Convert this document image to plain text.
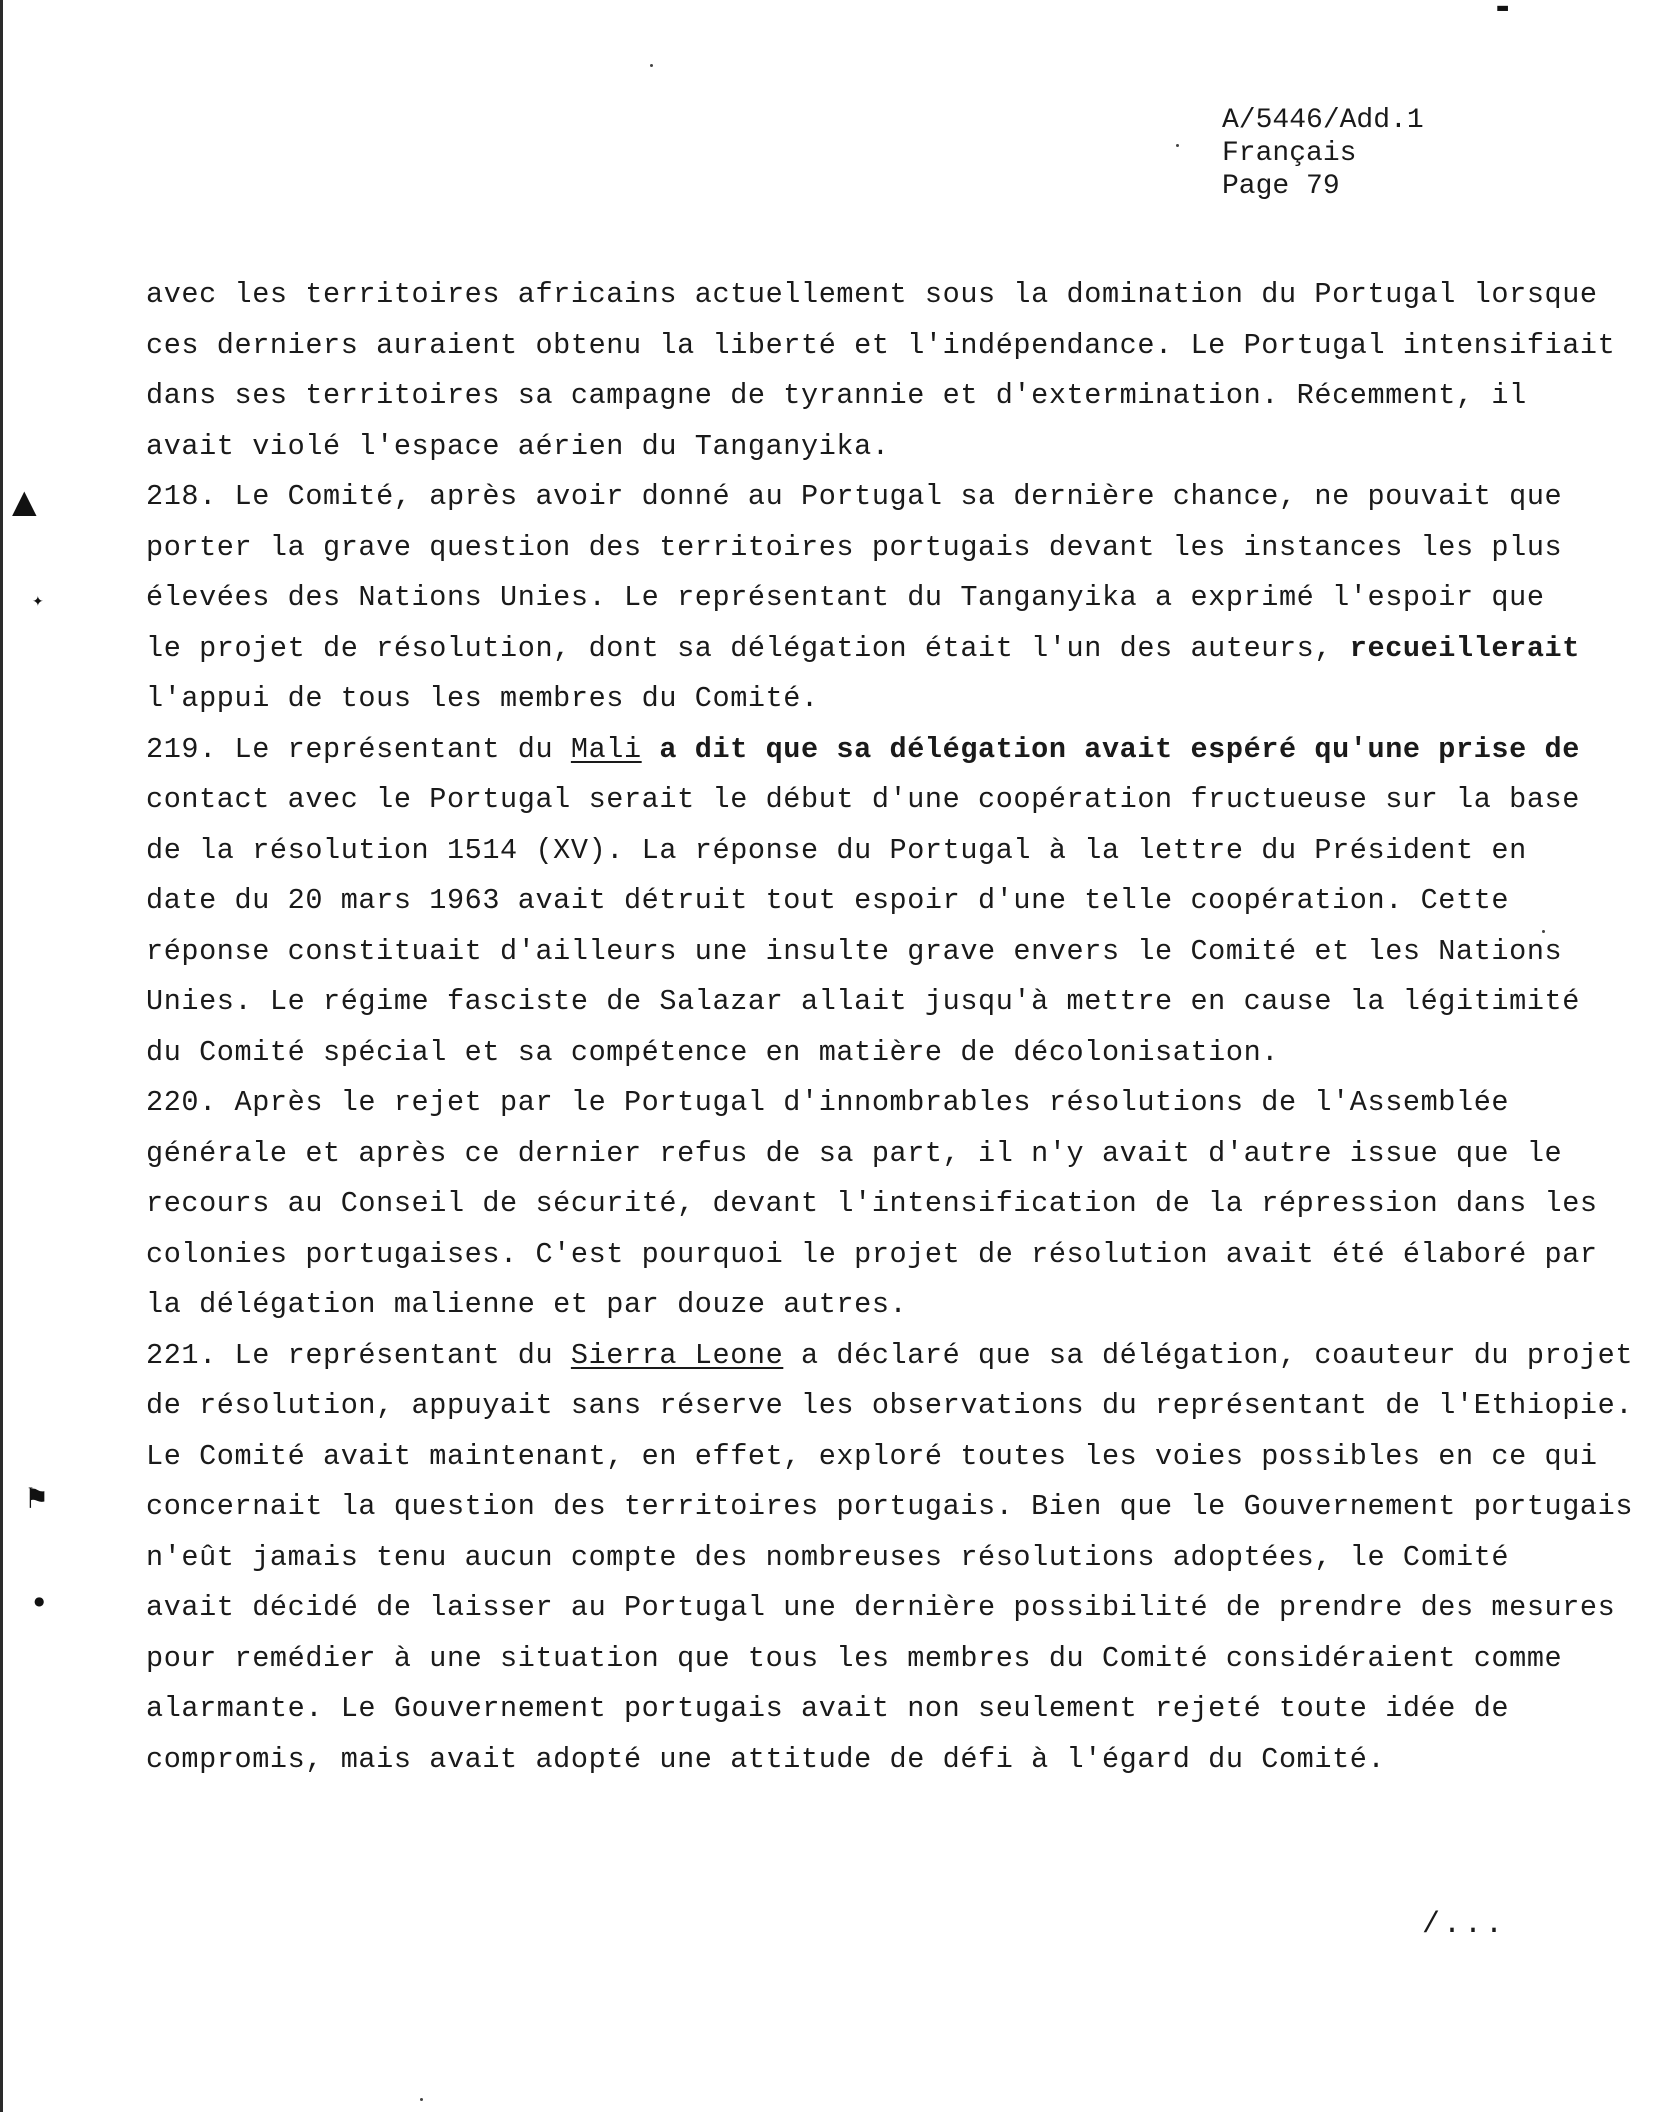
A/5446/Add.1
Français
Page 79
avec les territoires africains actuellement sous la domination du Portugal lorsque
ces derniers auraient obtenu la liberté et l'indépendance. Le Portugal intensifiait
dans ses territoires sa campagne de tyrannie et d'extermination. Récemment, il
avait violé l'espace aérien du Tanganyika.
218. Le Comité, après avoir donné au Portugal sa dernière chance, ne pouvait que
porter la grave question des territoires portugais devant les instances les plus
élevées des Nations Unies. Le représentant du Tanganyika a exprimé l'espoir que
le projet de résolution, dont sa délégation était l'un des auteurs, recueillerait
l'appui de tous les membres du Comité.
219. Le représentant du Mali a dit que sa délégation avait espéré qu'une prise de
contact avec le Portugal serait le début d'une coopération fructueuse sur la base
de la résolution 1514 (XV). La réponse du Portugal à la lettre du Président en
date du 20 mars 1963 avait détruit tout espoir d'une telle coopération. Cette
réponse constituait d'ailleurs une insulte grave envers le Comité et les Nations
Unies. Le régime fasciste de Salazar allait jusqu'à mettre en cause la légitimité
du Comité spécial et sa compétence en matière de décolonisation.
220. Après le rejet par le Portugal d'innombrables résolutions de l'Assemblée
générale et après ce dernier refus de sa part, il n'y avait d'autre issue que le
recours au Conseil de sécurité, devant l'intensification de la répression dans les
colonies portugaises. C'est pourquoi le projet de résolution avait été élaboré par
la délégation malienne et par douze autres.
221. Le représentant du Sierra Leone a déclaré que sa délégation, coauteur du projet
de résolution, appuyait sans réserve les observations du représentant de l'Ethiopie.
Le Comité avait maintenant, en effet, exploré toutes les voies possibles en ce qui
concernait la question des territoires portugais. Bien que le Gouvernement portugais
n'eût jamais tenu aucun compte des nombreuses résolutions adoptées, le Comité
avait décidé de laisser au Portugal une dernière possibilité de prendre des mesures
pour remédier à une situation que tous les membres du Comité considéraient comme
alarmante. Le Gouvernement portugais avait non seulement rejeté toute idée de
compromis, mais avait adopté une attitude de défi à l'égard du Comité.
▲
✦
⚑
●
▬
/...
